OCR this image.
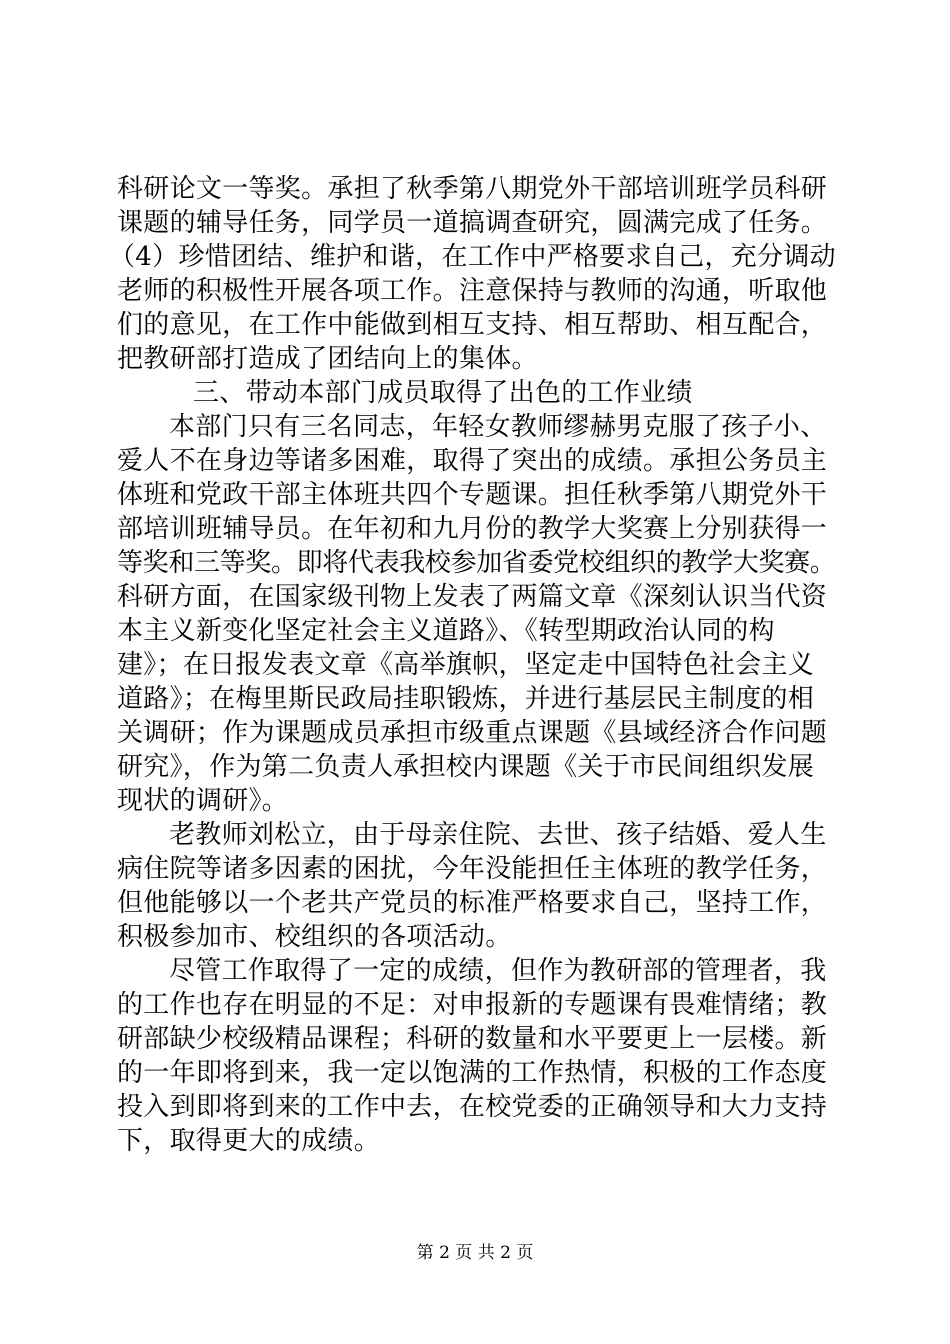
科研论文一等奖。承担了秋季第八期党外干部培训班学员科研
课题的辅导任务，同学员一道搞调查研究，圆满完成了任务。
（4）珍惜团结、维护和谐，在工作中严格要求自己，充分调动
老师的积极性开展各项工作。注意保持与教师的沟通，听取他
们的意见，在工作中能做到相互支持、相互帮助、相互配合，
把教研部打造成了团结向上的集体。
三、带动本部门成员取得了出色的工作业绩
本部门只有三名同志，年轻女教师缪赫男克服了孩子小、
爱人不在身边等诸多困难，取得了突出的成绩。承担公务员主
体班和党政干部主体班共四个专题课。担任秋季第八期党外干
部培训班辅导员。在年初和九月份的教学大奖赛上分别获得一
等奖和三等奖。即将代表我校参加省委党校组织的教学大奖赛。
科研方面，在国家级刊物上发表了两篇文章《深刻认识当代资
本主义新变化坚定社会主义道路》、《转型期政治认同的构
建》；在日报发表文章《高举旗帜，坚定走中国特色社会主义
道路》；在梅里斯民政局挂职锻炼，并进行基层民主制度的相
关调研；作为课题成员承担市级重点课题《县域经济合作问题
研究》，作为第二负责人承担校内课题《关于市民间组织发展
现状的调研》。
老教师刘松立，由于母亲住院、去世、孩子结婚、爱人生
病住院等诸多因素的困扰，今年没能担任主体班的教学任务，
但他能够以一个老共产党员的标准严格要求自己，坚持工作，
积极参加市、校组织的各项活动。
尽管工作取得了一定的成绩，但作为教研部的管理者，我
的工作也存在明显的不足：对申报新的专题课有畏难情绪；教
研部缺少校级精品课程；科研的数量和水平要更上一层楼。新
的一年即将到来，我一定以饱满的工作热情，积极的工作态度
投入到即将到来的工作中去，在校党委的正确领导和大力支持
下，取得更大的成绩。
第 2 页 共 2 页
